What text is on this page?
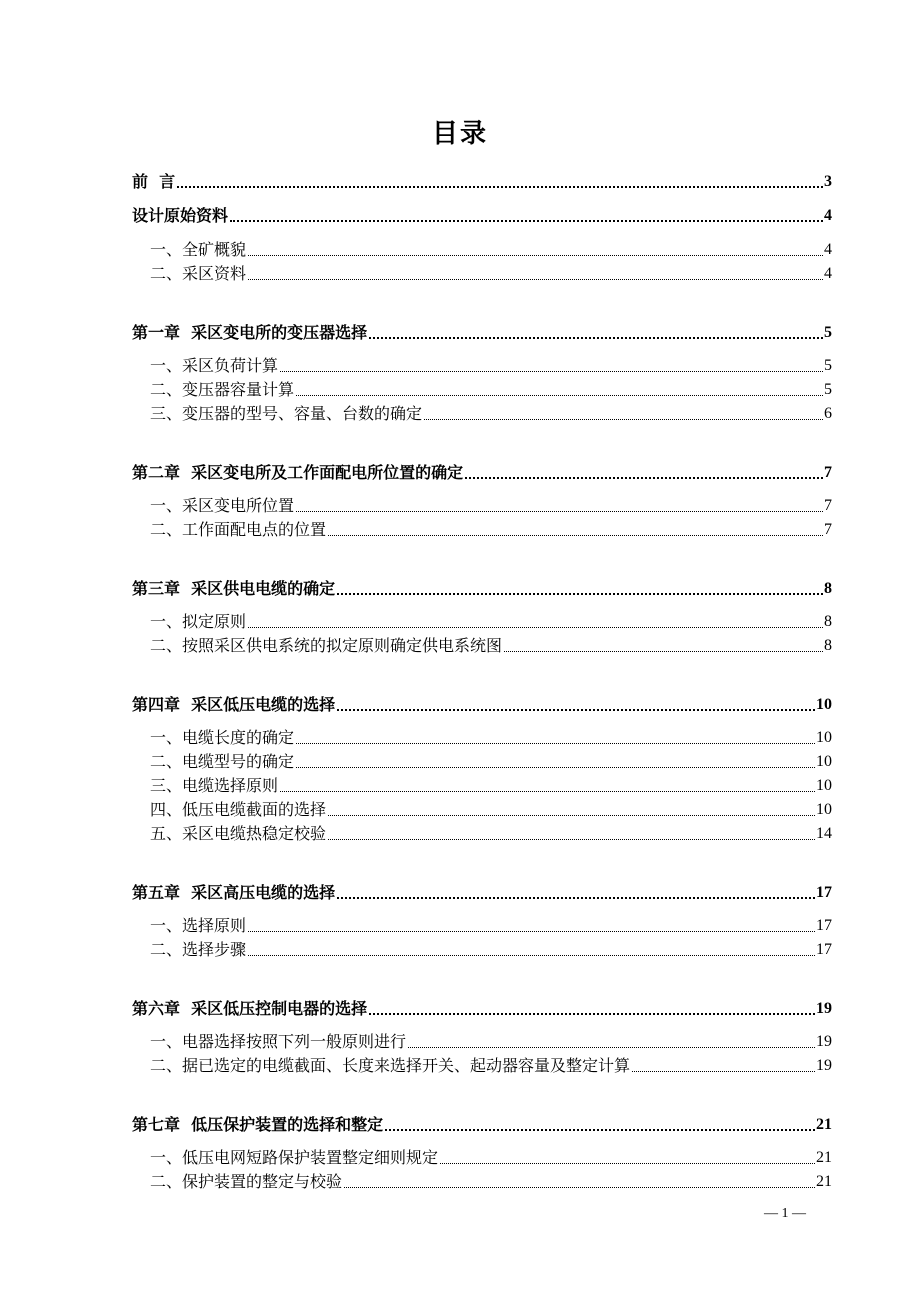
目录
前  言	3
设计原始资料	4
一、全矿概貌	4
二、采区资料	4
第一章  采区变电所的变压器选择	5
一、采区负荷计算	5
二、变压器容量计算	5
三、变压器的型号、容量、台数的确定	6
第二章  采区变电所及工作面配电所位置的确定	7
一、采区变电所位置	7
二、工作面配电点的位置	7
第三章  采区供电电缆的确定	8
一、拟定原则	8
二、按照采区供电系统的拟定原则确定供电系统图	8
第四章  采区低压电缆的选择	10
一、电缆长度的确定	10
二、电缆型号的确定	10
三、电缆选择原则	10
四、低压电缆截面的选择	10
五、采区电缆热稳定校验	14
第五章  采区高压电缆的选择	17
一、选择原则	17
二、选择步骤	17
第六章  采区低压控制电器的选择	19
一、电器选择按照下列一般原则进行	19
二、据已选定的电缆截面、长度来选择开关、起动器容量及整定计算	19
第七章  低压保护装置的选择和整定	21
一、低压电网短路保护装置整定细则规定	21
二、保护装置的整定与校验	21
— 1 —
